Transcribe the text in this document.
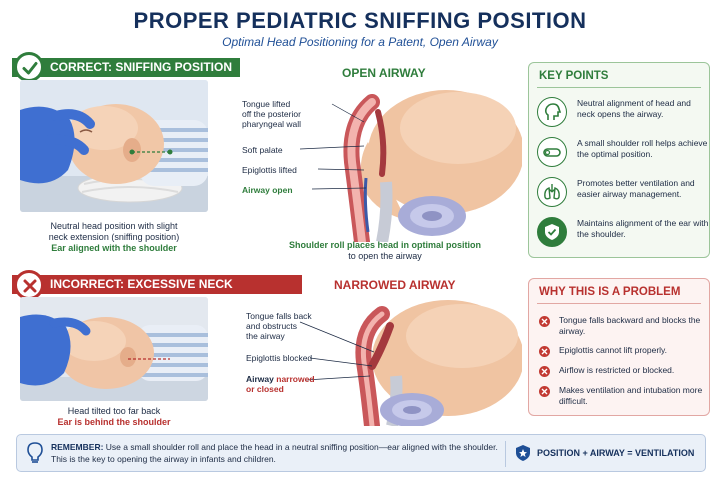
PROPER PEDIATRIC SNIFFING POSITION
Optimal Head Positioning for a Patent, Open Airway
CORRECT: SNIFFING POSITION
Neutral head position with slight
neck extension (sniffing position)
Ear aligned with the shoulder
OPEN AIRWAY
Tongue lifted
off the posterior
pharyngeal wall
Soft palate
Epiglottis lifted
Airway open
Shoulder roll places head in optimal position
to open the airway
KEY POINTS
Neutral alignment of head and neck opens the airway.
A small shoulder roll helps achieve the optimal position.
Promotes better ventilation and easier airway management.
Maintains alignment of the ear with the shoulder.
INCORRECT: EXCESSIVE NECK
Head tilted too far back
Ear is behind the shoulder
NARROWED AIRWAY
Tongue falls back
and obstructs
the airway
Epiglottis blocked
Airway narrowed
or closed
WHY THIS IS A PROBLEM
Tongue falls backward and blocks the airway.
Epiglottis cannot lift properly.
Airflow is restricted or blocked.
Makes ventilation and intubation more difficult.
REMEMBER: Use a small shoulder roll and place the head in a neutral sniffing position—ear aligned with the shoulder.
This is the key to opening the airway in infants and children.
POSITION + AIRWAY = VENTILATION
